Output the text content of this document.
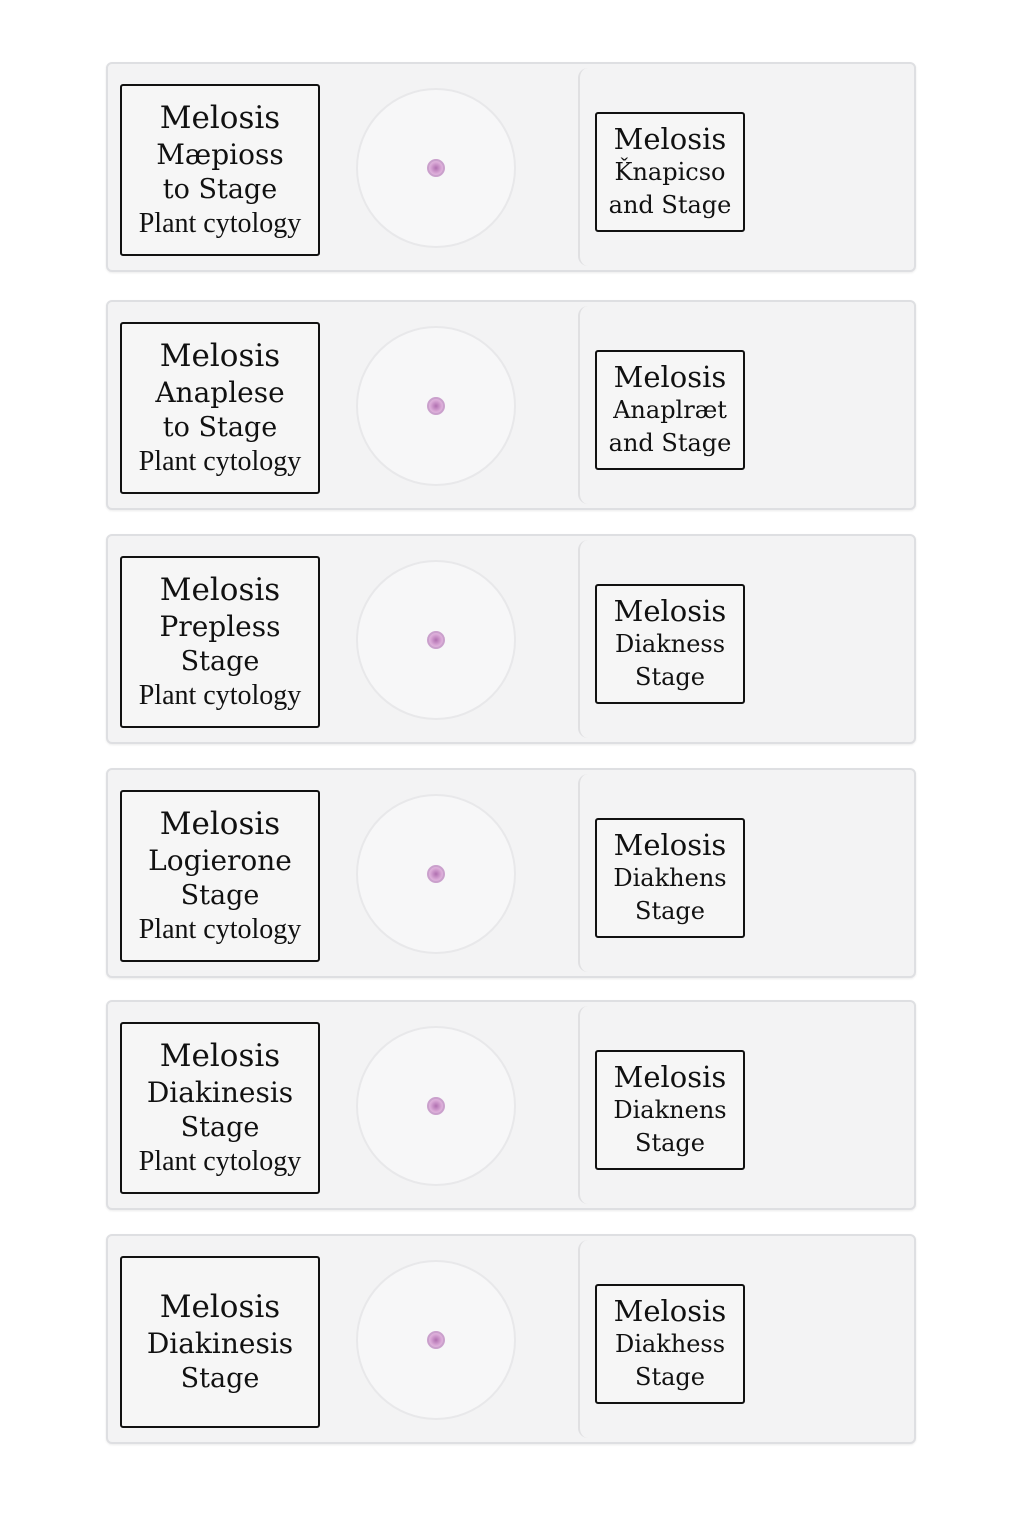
Melosis
Mæpioss
to Stage
Plant cytology
Melosis
Ǩnapicso
and Stage
Melosis
Anaplese
to Stage
Plant cytology
Melosis
Anaplræt
and Stage
Melosis
Prepless
Stage
Plant cytology
Melosis
Diakness
Stage
Melosis
Logierone
Stage
Plant cytology
Melosis
Diakhens
Stage
Melosis
Diakinesis
Stage
Plant cytology
Melosis
Diaknens
Stage
Melosis
Diakinesis
Stage
Melosis
Diakhess
Stage
